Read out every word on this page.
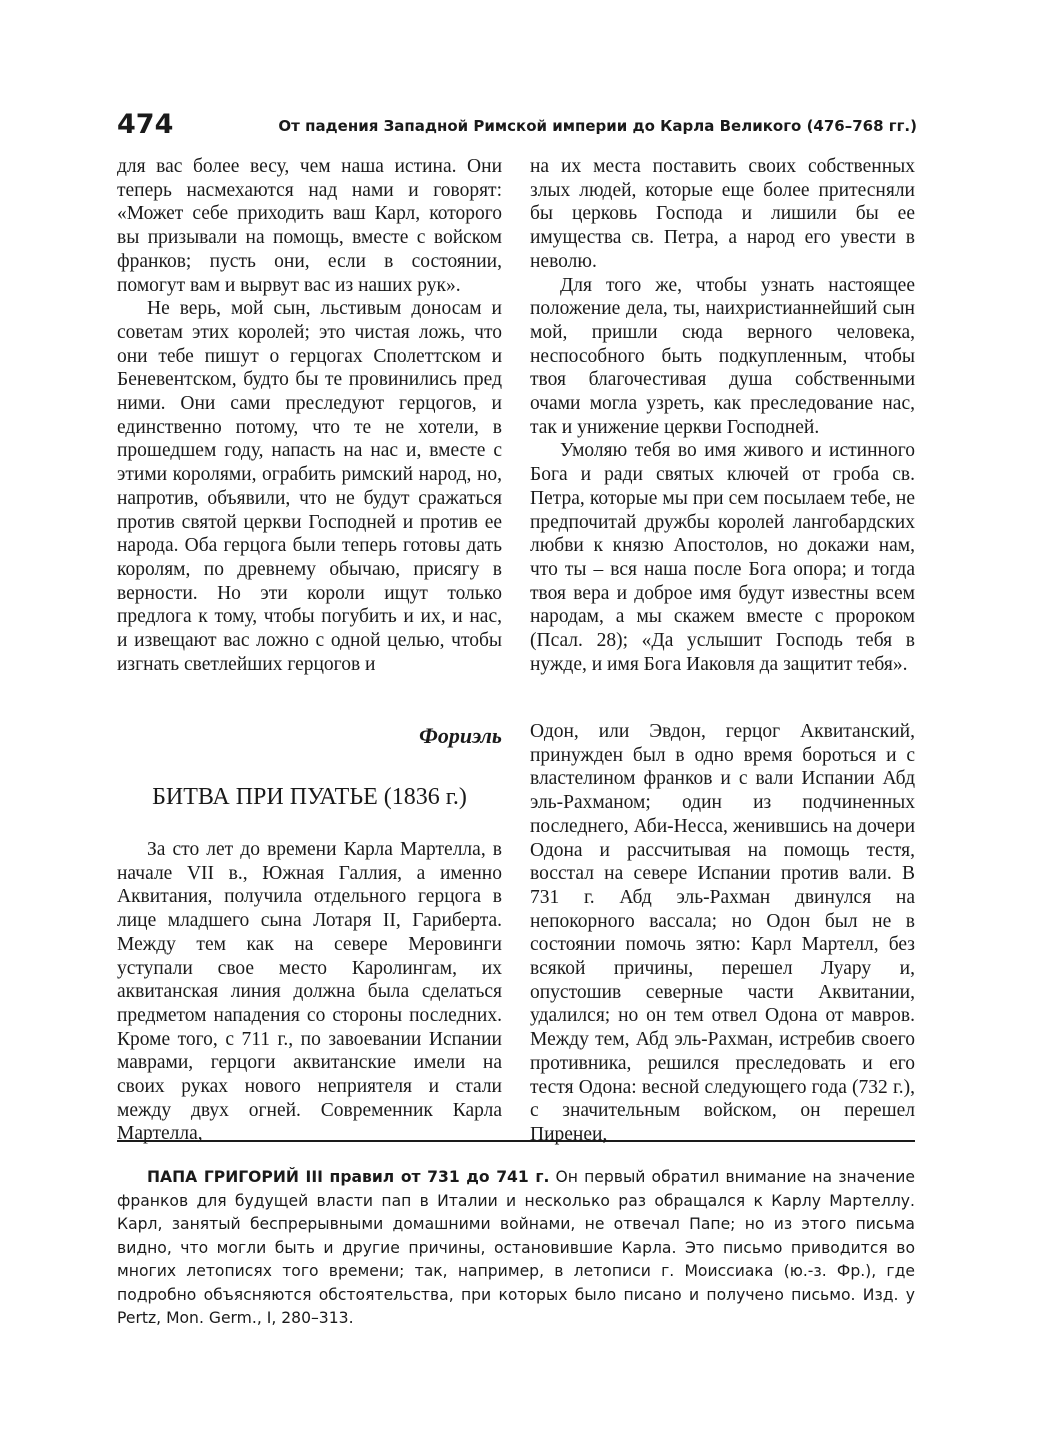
474	От падения Западной Римской империи до Карла Великого (476–768 гг.)

для вас более весу, чем наша истина. Они теперь насмехаются над нами и говорят: «Может себе приходить ваш Карл, которого вы призывали на помощь, вместе с войском франков; пусть они, если в состоянии, помогут вам и вырвут вас из наших рук».

Не верь, мой сын, льстивым доносам и советам этих королей; это чистая ложь, что они тебе пишут о герцогах Сполеттском и Беневентском, будто бы те провинились пред ними. Они сами преследуют герцогов, и единственно потому, что те не хотели, в прошедшем году, напасть на нас и, вместе с этими королями, ограбить римский народ, но, напротив, объявили, что не будут сражаться против святой церкви Господней и против ее народа. Оба герцога были теперь готовы дать королям, по древнему обычаю, присягу в верности. Но эти короли ищут только предлога к тому, чтобы погубить и их, и нас, и извещают вас ложно с одной целью, чтобы изгнать светлейших герцогов и

на их места поставить своих собственных злых людей, которые еще более притесняли бы церковь Господа и лишили бы ее имущества св. Петра, а народ его увести в неволю.

Для того же, чтобы узнать настоящее положение дела, ты, наихристианнейший сын мой, пришли сюда верного человека, неспособного быть подкупленным, чтобы твоя благочестивая душа собственными очами могла узреть, как преследование нас, так и унижение церкви Господней.

Умоляю тебя во имя живого и истинного Бога и ради святых ключей от гроба св. Петра, которые мы при сем посылаем тебе, не предпочитай дружбы королей лангобардских любви к князю Апостолов, но докажи нам, что ты – вся наша после Бога опора; и тогда твоя вера и доброе имя будут известны всем народам, а мы скажем вместе с пророком (Псал. 28); «Да услышит Господь тебя в нужде, и имя Бога Иаковля да защитит тебя».

Фориэль
БИТВА ПРИ ПУАТЬЕ (1836 г.)

За сто лет до времени Карла Мартелла, в начале VII в., Южная Галлия, а именно Аквитания, получила отдельного герцога в лице младшего сына Лотаря II, Гариберта. Между тем как на севере Меровинги уступали свое место Каролингам, их аквитанская линия должна была сделаться предметом нападения со стороны последних. Кроме того, с 711 г., по завоевании Испании маврами, герцоги аквитанские имели на своих руках нового неприятеля и стали между двух огней. Современник Карла Мартелла,

Одон, или Эвдон, герцог Аквитанский, принужден был в одно время бороться и с властелином франков и с вали Испании Абд эль-Рахманом; один из подчиненных последнего, Аби-Несса, женившись на дочери Одона и рассчитывая на помощь тестя, восстал на севере Испании против вали. В 731 г. Абд эль-Рахман двинулся на непокорного вассала; но Одон был не в состоянии помочь зятю: Карл Мартелл, без всякой причины, перешел Луару и, опустошив северные части Аквитании, удалился; но он тем отвел Одона от мавров. Между тем, Абд эль-Рахман, истребив своего противника, решился преследовать и его тестя Одона: весной следующего года (732 г.), с значительным войском, он перешел Пиренеи,

ПАПА ГРИГОРИЙ III правил от 731 до 741 г. Он первый обратил внимание на значение франков для будущей власти пап в Италии и несколько раз обращался к Карлу Мартеллу. Карл, занятый беспрерывными домашними войнами, не отвечал Папе; но из этого письма видно, что могли быть и другие причины, остановившие Карла. Это письмо приводится во многих летописях того времени; так, например, в летописи г. Моиссиака (ю.-з. Фр.), где подробно объясняются обстоятельства, при которых было писано и получено письмо. Изд. у Pertz, Mon. Germ., I, 280–313.
